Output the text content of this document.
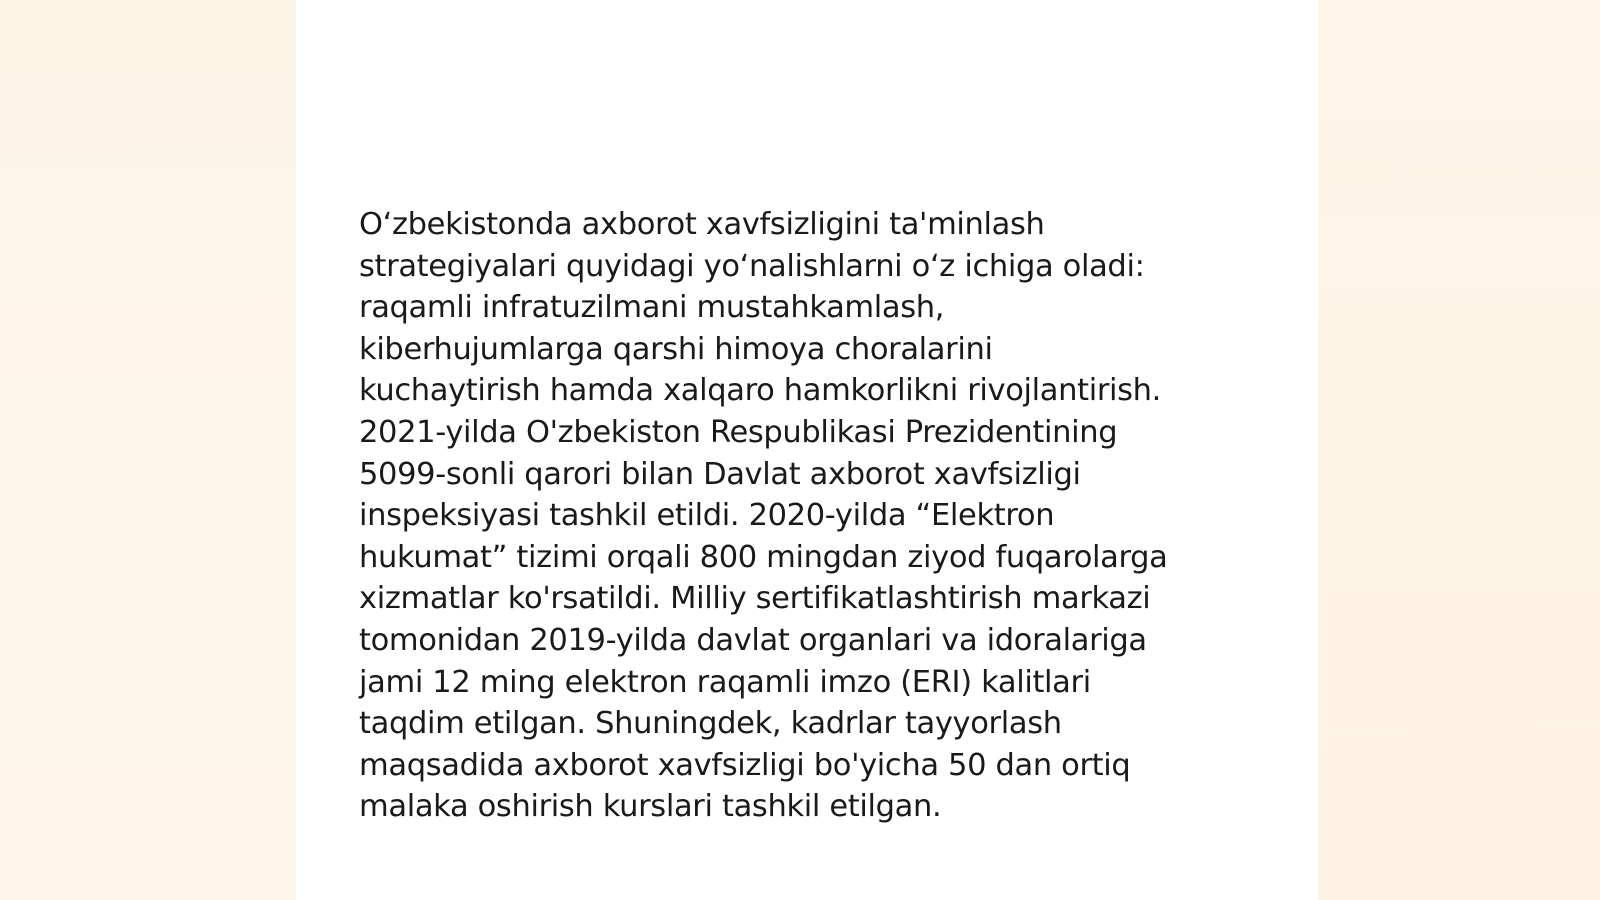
Oʻzbekistonda axborot xavfsizligini ta'minlash
strategiyalari quyidagi yoʻnalishlarni oʻz ichiga oladi:
raqamli infratuzilmani mustahkamlash,
kiberhujumlarga qarshi himoya choralarini
kuchaytirish hamda xalqaro hamkorlikni rivojlantirish.
2021-yilda O'zbekiston Respublikasi Prezidentining
5099-sonli qarori bilan Davlat axborot xavfsizligi
inspeksiyasi tashkil etildi. 2020-yilda “Elektron
hukumat” tizimi orqali 800 mingdan ziyod fuqarolarga
xizmatlar ko'rsatildi. Milliy sertifikatlashtirish markazi
tomonidan 2019-yilda davlat organlari va idoralariga
jami 12 ming elektron raqamli imzo (ERI) kalitlari
taqdim etilgan. Shuningdek, kadrlar tayyorlash
maqsadida axborot xavfsizligi bo'yicha 50 dan ortiq
malaka oshirish kurslari tashkil etilgan.
